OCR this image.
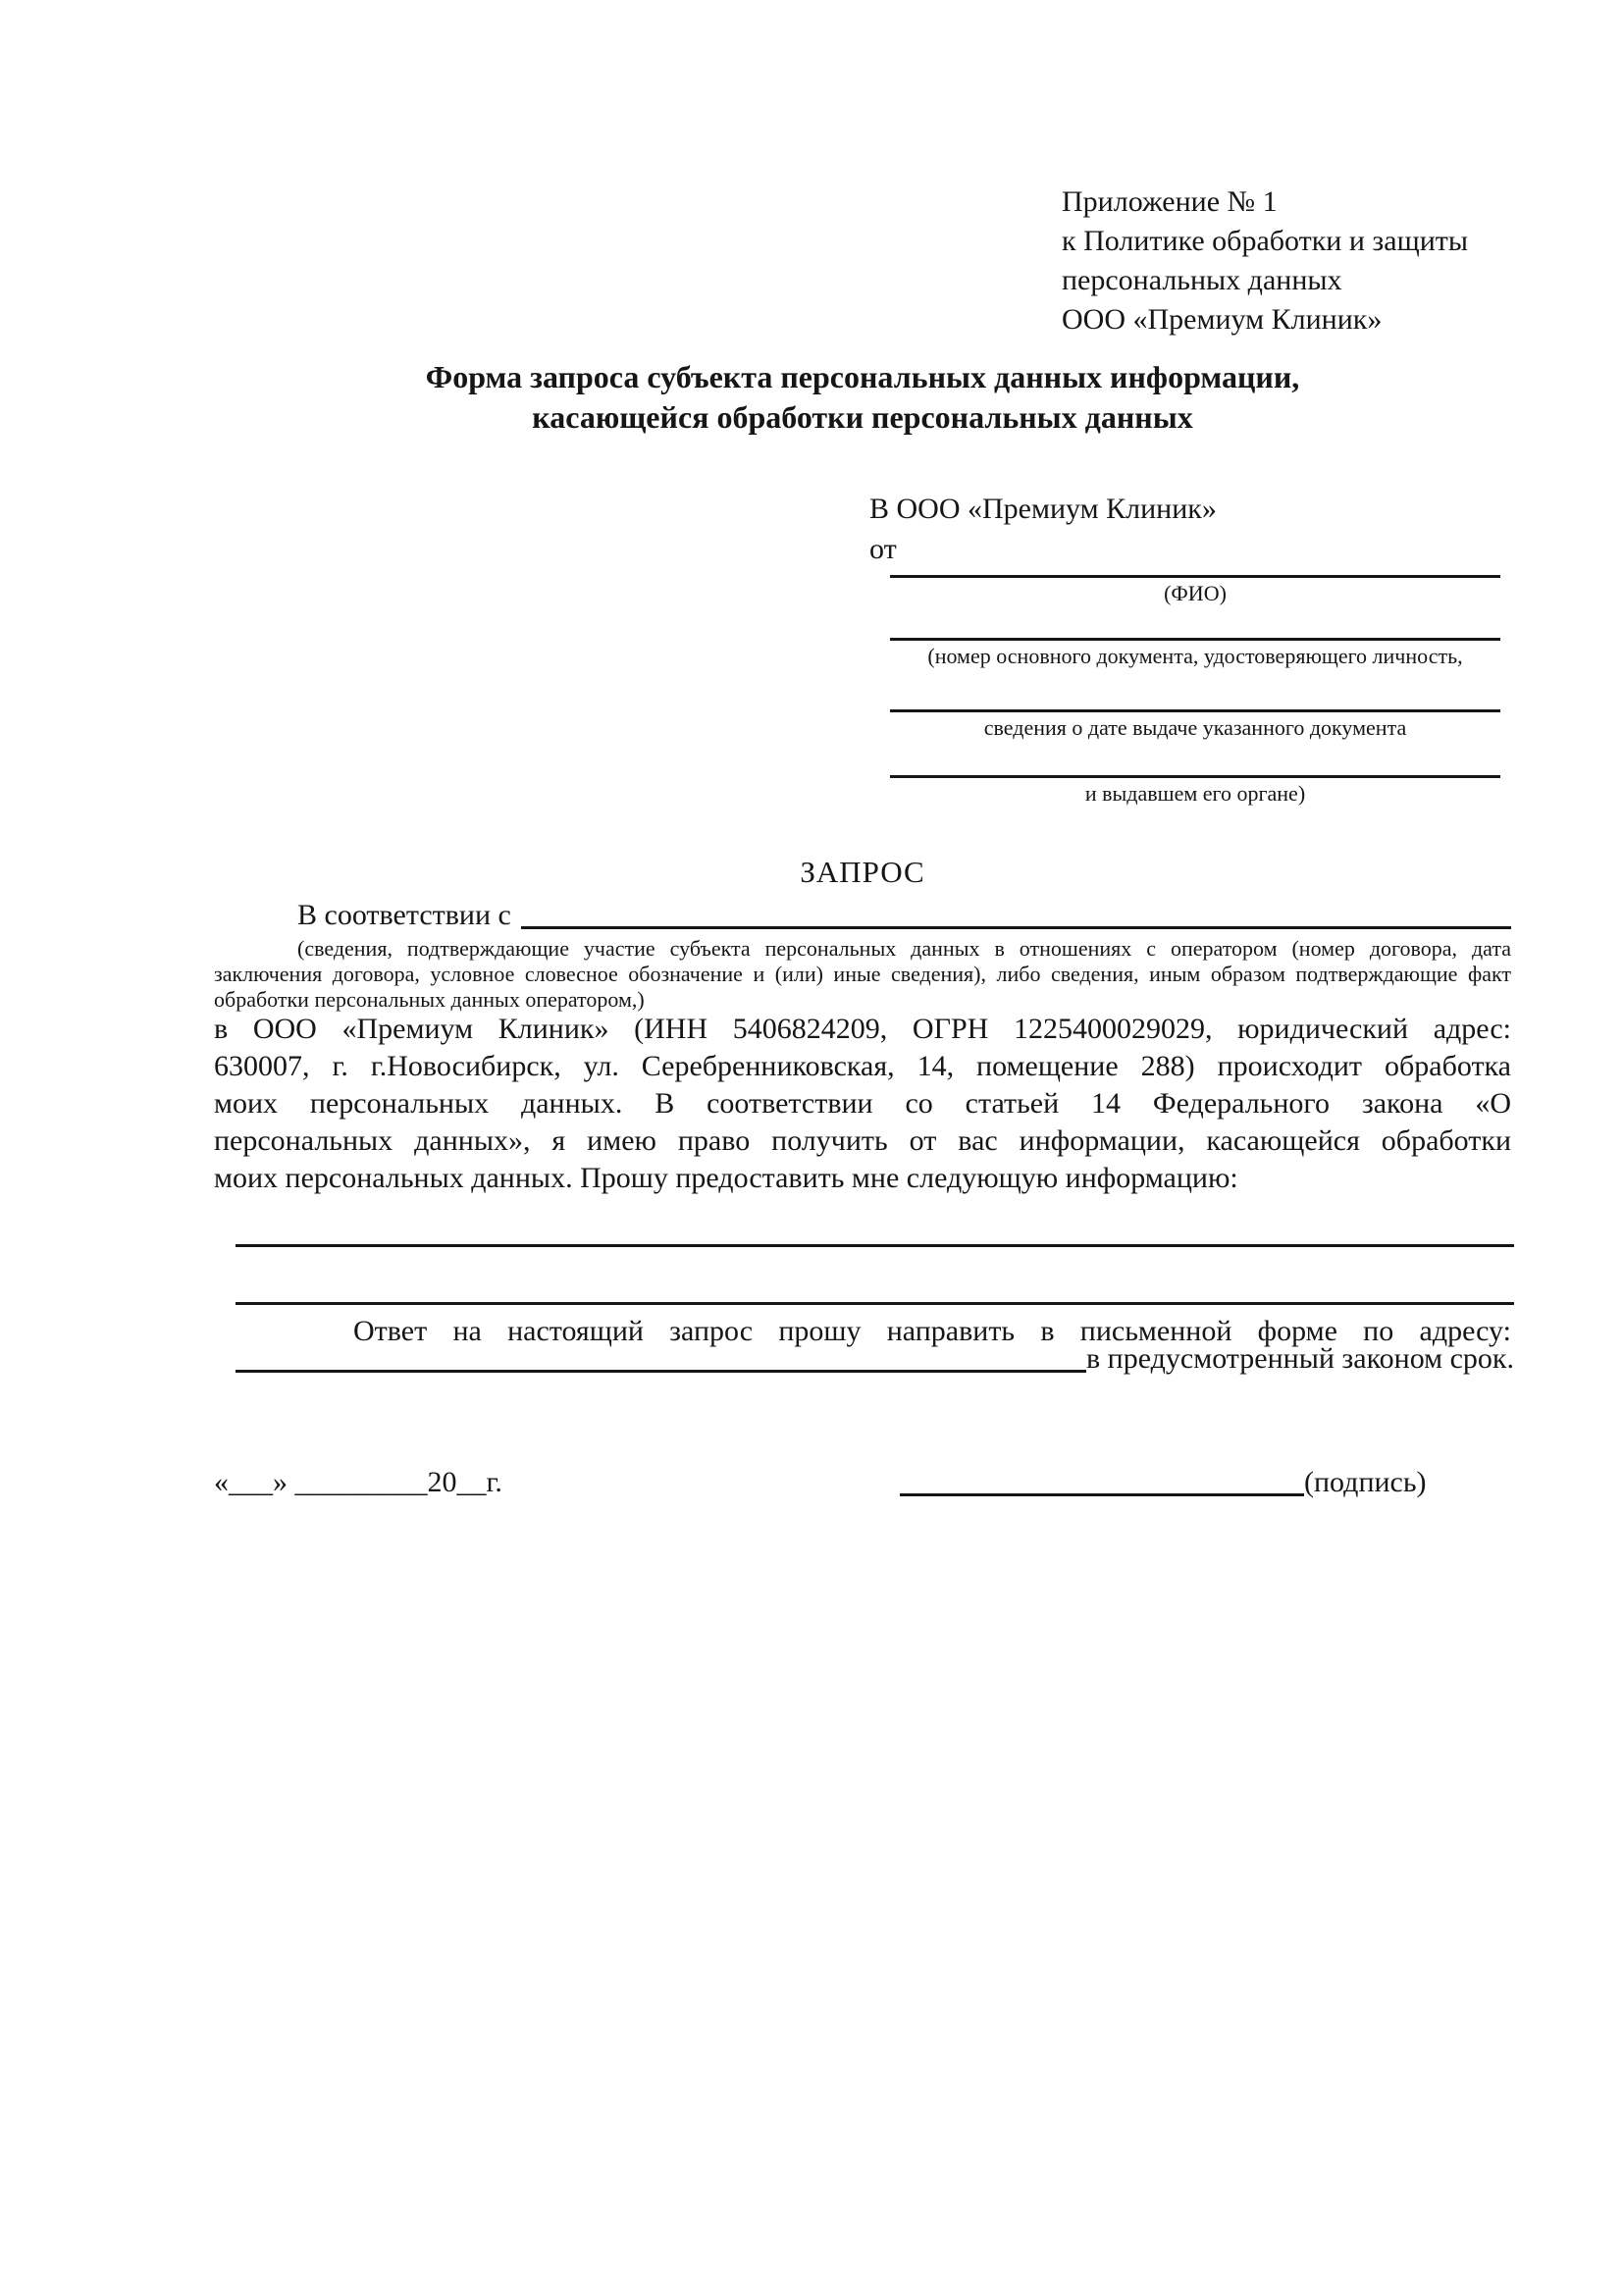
Приложение № 1
к Политике обработки и защиты
персональных данных
ООО «Премиум Клиник»
Форма запроса субъекта персональных данных информации,
касающейся обработки персональных данных
В ООО «Премиум Клиник»
от
(ФИО)
(номер основного документа, удостоверяющего личность,
сведения о дате выдаче указанного документа
и выдавшем его органе)
ЗАПРОС
В соответствии с
(сведения, подтверждающие участие субъекта персональных данных в отношениях с оператором (номер договора, дата
заключения договора, условное словесное обозначение и (или) иные сведения), либо сведения, иным образом подтверждающие факт
обработки персональных данных оператором,)
в ООО «Премиум Клиник» (ИНН 5406824209, ОГРН 1225400029029, юридический адрес:
630007, г. г.Новосибирск, ул. Серебренниковская, 14, помещение 288) происходит обработка
моих персональных данных. В соответствии со статьей 14 Федерального закона «О
персональных данных», я имею право получить от вас информации, касающейся обработки
моих персональных данных. Прошу предоставить мне следующую информацию:
Ответ на настоящий запрос прошу направить в письменной форме по адресу:
в предусмотренный законом срок.
«___» _________20__г.	(подпись)
